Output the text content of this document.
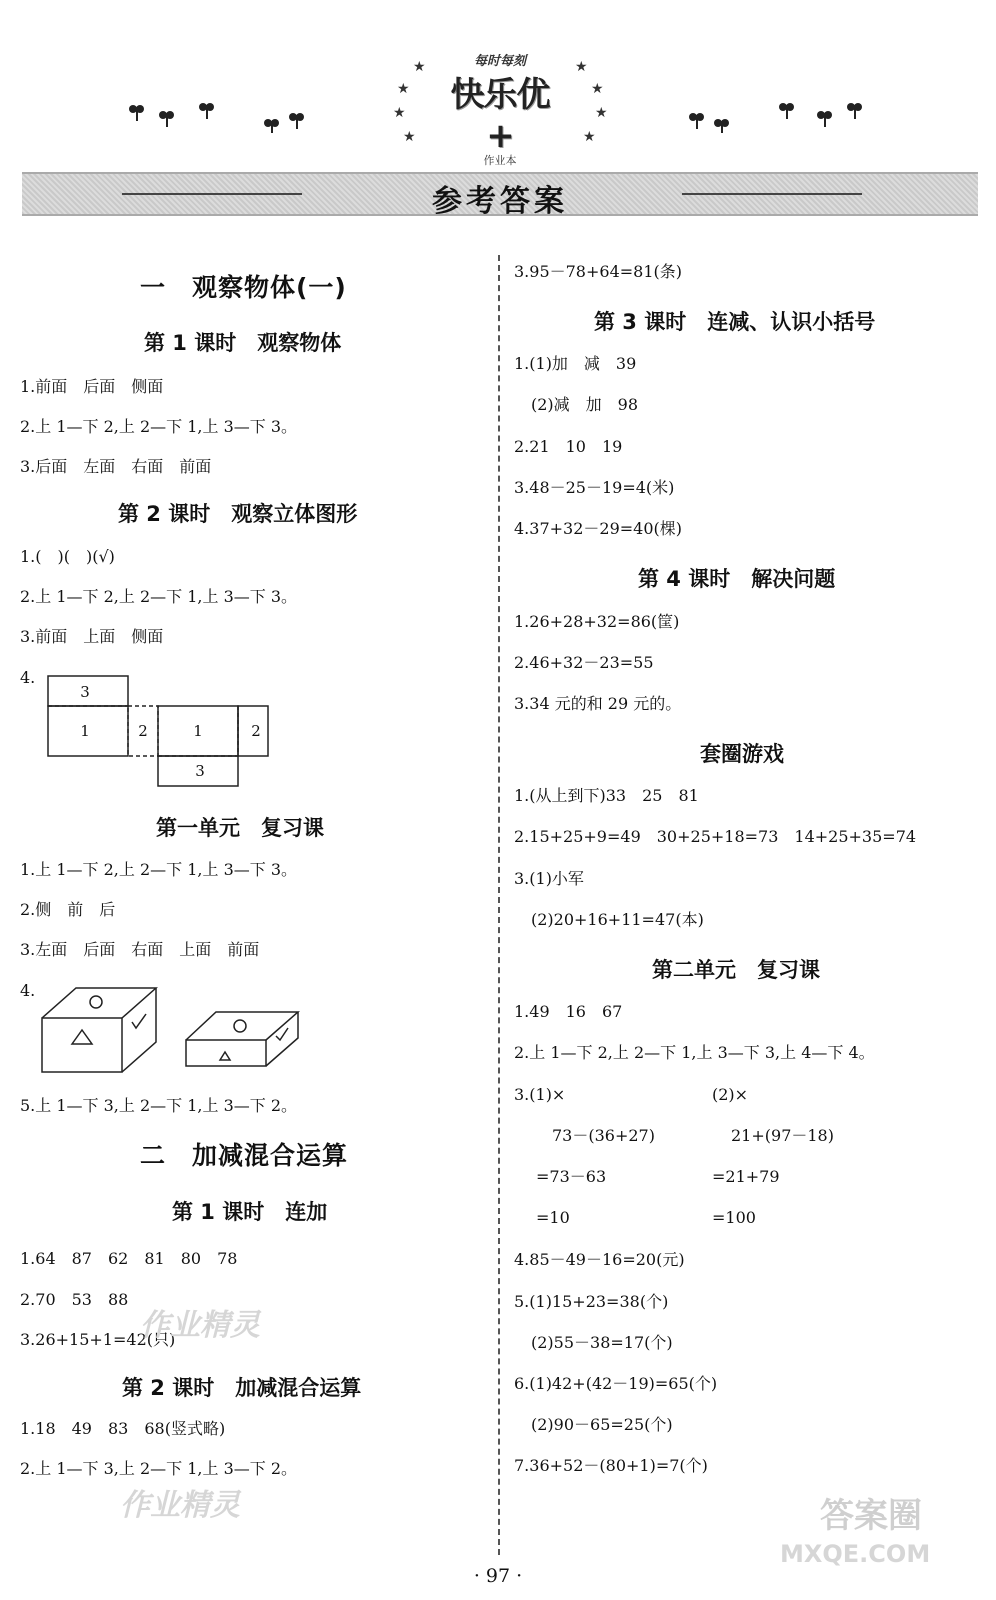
★
★
★
★
★
★
★
★
每时每刻
快乐优+
作业本
参考答案
一　观察物体(一)
第 1 课时　观察物体
1.前面　后面　侧面
2.上 1—下 2,上 2—下 1,上 3—下 3。
3.后面　左面　右面　前面
第 2 课时　观察立体图形
1.(　)(　)(√)
2.上 1—下 2,上 2—下 1,上 3—下 3。
3.前面　上面　侧面
4.
3
1	2	1	2
3
第一单元　复习课
1.上 1—下 2,上 2—下 1,上 3—下 3。
2.侧　前　后
3.左面　后面　右面　上面　前面
4.
5.上 1—下 3,上 2—下 1,上 3—下 2。
二　加减混合运算
第 1 课时　连加
1.64　87　62　81　80　78
2.70　53　88
3.26+15+1=42(只)
第 2 课时　加减混合运算
1.18　49　83　68(竖式略)
2.上 1—下 3,上 2—下 1,上 3—下 2。
3.95－78+64=81(条)
第 3 课时　连减、认识小括号
1.(1)加　减　39
(2)减　加　98
2.21　10　19
3.48－25－19=4(米)
4.37+32－29=40(棵)
第 4 课时　解决问题
1.26+28+32=86(筐)
2.46+32－23=55
3.34 元的和 29 元的。
套圈游戏
1.(从上到下)33　25　81
2.15+25+9=49　30+25+18=73　14+25+35=74
3.(1)小军
(2)20+16+11=47(本)
第二单元　复习课
1.49　16　67
2.上 1—下 2,上 2—下 1,上 3—下 3,上 4—下 4。
3.(1)×	(2)×
73－(36+27)	21+(97－18)
=73－63	=21+79
=10	=100
4.85－49－16=20(元)
5.(1)15+23=38(个)
(2)55－38=17(个)
6.(1)42+(42－19)=65(个)
(2)90－65=25(个)
7.36+52－(80+1)=7(个)
· 97 ·
作业精灵
作业精灵	答案圈
MXQE.COM
